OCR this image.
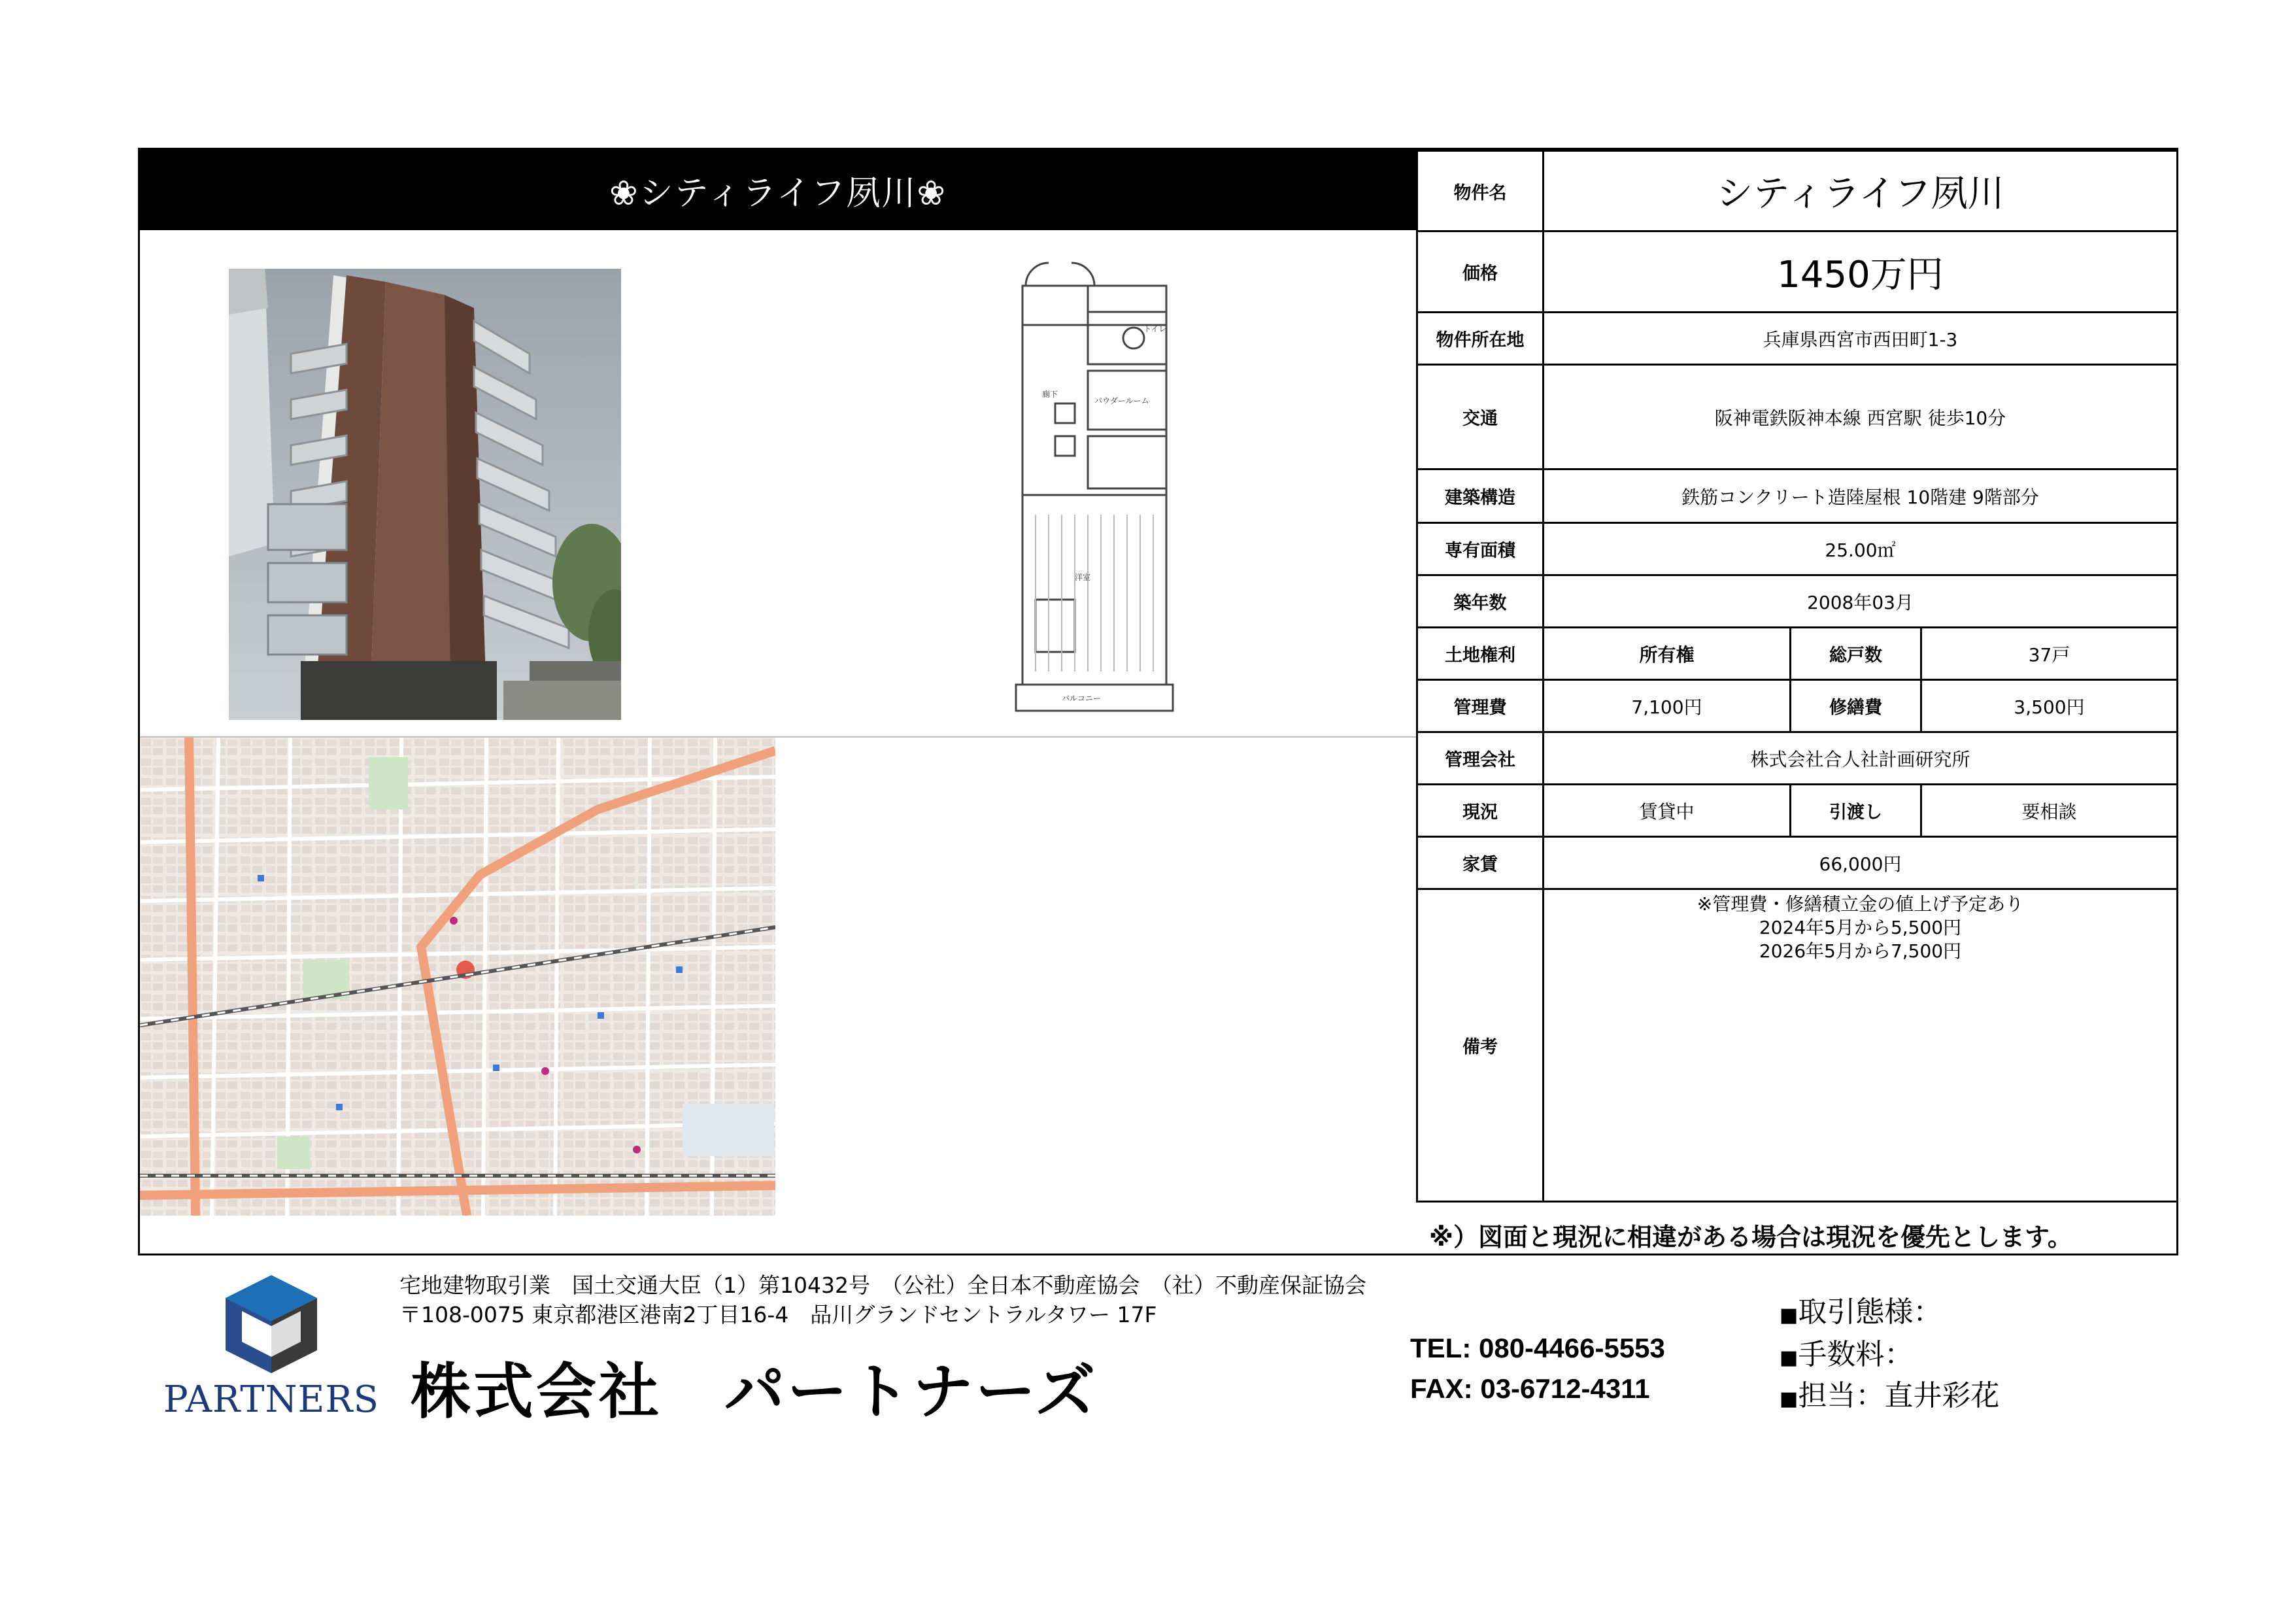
❀シティライフ夙川❀
トイレ
パウダールーム
洋室
バルコニー
廁下
物件名	シティライフ夙川		
価格	1450万円		
物件所在地	兵庫県西宮市西田町1-3		
交通	阪神電鉄阪神本線 西宮駅 徒歩10分		
建築構造	鉄筋コンクリート造陸屋根 10階建 9階部分		
専有面積	25.00㎡		
築年数	2008年03月		
土地権利	所有権	総戸数	37戸
管理費	7,100円	修繕費	3,500円
管理会社	株式会社合人社計画研究所		
現況	賃貸中	引渡し	要相談
家賃	66,000円		
備考	※管理費・修繕積立金の値上げ予定あり
2024年5月から5,500円
2026年5月から7,500円		
※）図面と現況に相違がある場合は現況を優先とします。
PARTNERS
宅地建物取引業　国土交通大臣（1）第10432号　（公社）全日本不動産協会　（社）不動産保証協会
〒108-0075 東京都港区港南2丁目16-4　品川グランドセントラルタワー 17F
株式会社　パートナーズ
TEL: 080-4466-5553
FAX: 03-6712-4311
■取引態様：
■手数料：
■担当：直井彩花
